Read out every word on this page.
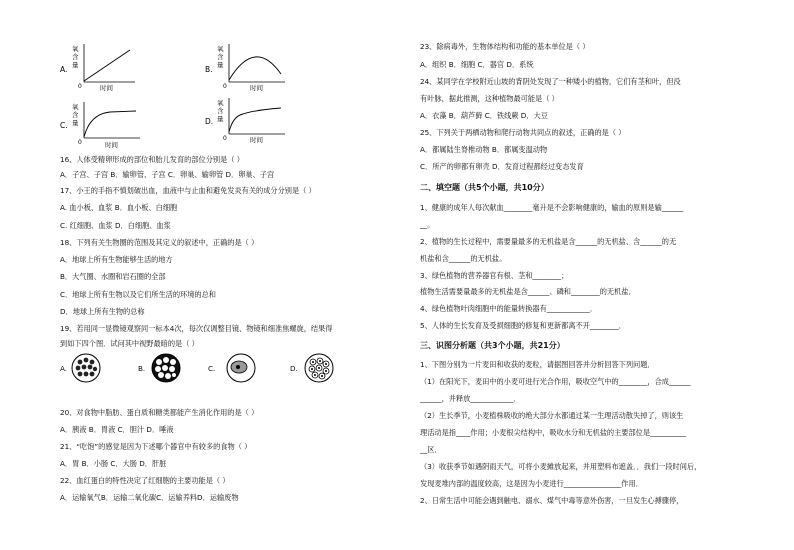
A.
氧
含
量
0	时间
B.
氧
含
量
0	时间
C.
氧
含
量
0	时间
D.
氧
含
量
0	时间
16、人体受精卵形成的部位和胎儿发育的部位分别是（ ）
A．子宫、子宫 B．输卵管、子宫 C．卵巢、输卵管 D．卵巢、子宫
17、小王的手指不慎划破出血，血液中与止血和避免发炎有关的成分分别是（ ）
A. 血小板、血浆 B．血小板、白细胞
C. 红细胞、血浆 D．白细胞、血浆
18、下列有关生物圈的范围及其定义的叙述中，正确的是（ ）
A．地球上所有生物能够生活的地方
B．大气圈、水圈和岩石圈的全部
C．地球上所有生物以及它们所生活的环境的总和
D．地球上所有生物的总称
19、若用同一显微镜观察同一标本4次，每次仅调整目镜、物镜和细准焦螺旋，结果得
到如下四个图．试问其中视野最暗的是（ ）
A.	B.	C.	D.
20、对食物中脂肪、蛋白质和糖类都能产生消化作用的是（ ）
A．胰液 B．胃液 C．胆汁 D．唾液
21、“吃饱”的感觉是因为下述哪个器官中有较多的食物（ ）
A．胃 B．小肠 C．大肠 D．肝脏
22、血红蛋白的特性决定了红细胞的主要功能是（ ）
A．运输氧气B．运输二氧化碳C．运输养料D．运输废物
23、除病毒外，生物体结构和功能的基本单位是（ ）
A．组织 B．细胞 C．器官 D．系统
24、某同学在学校附近山坡的背阴处发现了一种矮小的植物，它们有茎和叶，但没
有叶脉，据此推测，这种植物最可能是（ ）
A．衣藻 B．葫芦藓 C．铁线蕨 D．大豆
25、下列关于两栖动物和爬行动物共同点的叙述，正确的是（ ）
A．都属陆生脊椎动物 B．都属变温动物
C．所产的卵都有卵壳 D．发育过程都经过变态发育
二、填空题（共5个小题，共10分）
1、健康的成年人每次献血________毫升是不会影响健康的，输血的原则是输______
__。
2、植物的生长过程中，需要量最多的无机盐是含______的无机盐、含______的无
机盐和含______的无机盐。
3、绿色植物的营养器官有根、茎和________；
植物生活需要量最多的无机盐是含______、磷和________的无机盐．
4、绿色植物叶肉细胞中的能量转换器有____________．
5、人体的生长发育及受损细胞的修复和更新都离不开________．
三、识图分析题（共3个小题，共21分）
1、下图分别为一片麦田和收获的麦粒，请据图回答并分析回答下列问题．
（1）在阳光下，麦田中的小麦可进行光合作用，吸收空气中的________，合成______
______，并释放____________．
（2）生长季节，小麦植株吸收的绝大部分水都通过某一生理活动散失掉了，则该生
理活动是指____作用；小麦根尖结构中，吸收水分和无机盐的主要部位是__________
__区．
（3）收获季节如遇阴雨天气，可将小麦摊放起来，并用塑料布遮盖．．我们一段时间后，
发现麦堆内部的温度较高，这是因为小麦进行________________作用．
2、日常生活中可能会遇到触电、溺水、煤气中毒等意外伤害，一旦发生心搏骤停，
